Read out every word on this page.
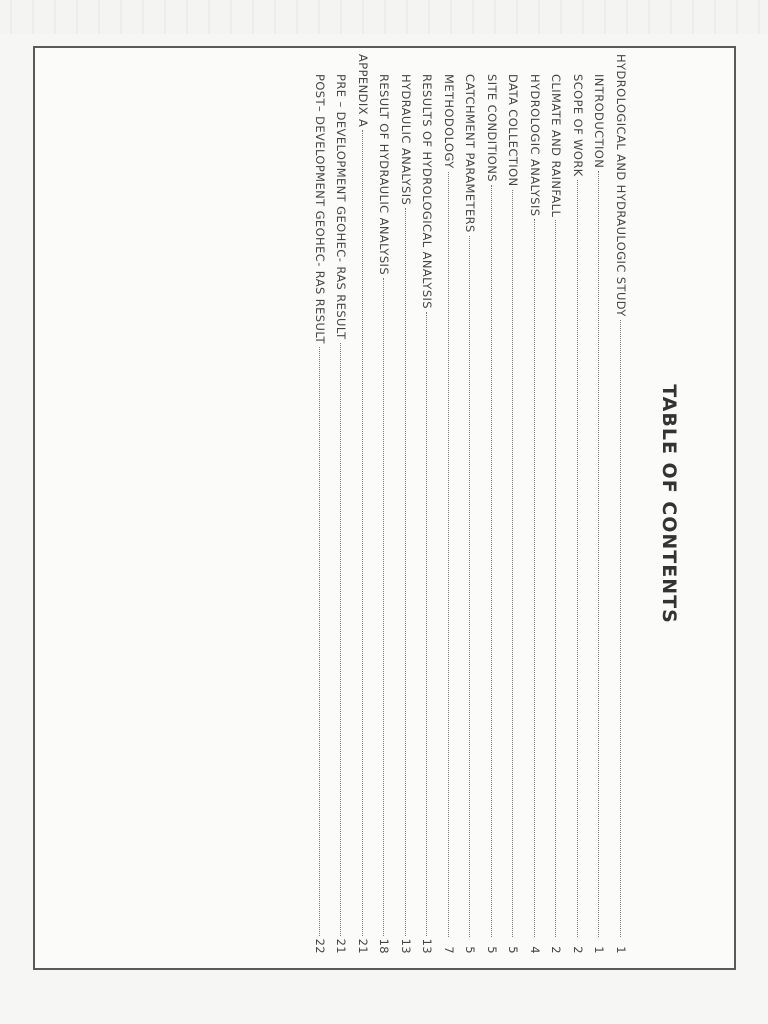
TABLE OF CONTENTS
HYDROLOGICAL AND HYDRAULOGIC STUDY
1
INTRODUCTION
1
SCOPE OF WORK
2
CLIMATE AND RAINFALL
2
HYDROLOGIC ANALYSIS
4
DATA COLLECTION
5
SITE CONDITIONS
5
CATCHMENT PARAMETERS
5
METHODOLOGY
7
RESULTS OF HYDROLOGICAL ANALYSIS
13
HYDRAULIC ANALYSIS
13
RESULT OF HYDRAULIC ANALYSIS
18
APPENDIX A
21
PRE – DEVELOPMENT GEOHEC- RAS RESULT
21
POST– DEVELOPMENT GEOHEC- RAS RESULT
22
